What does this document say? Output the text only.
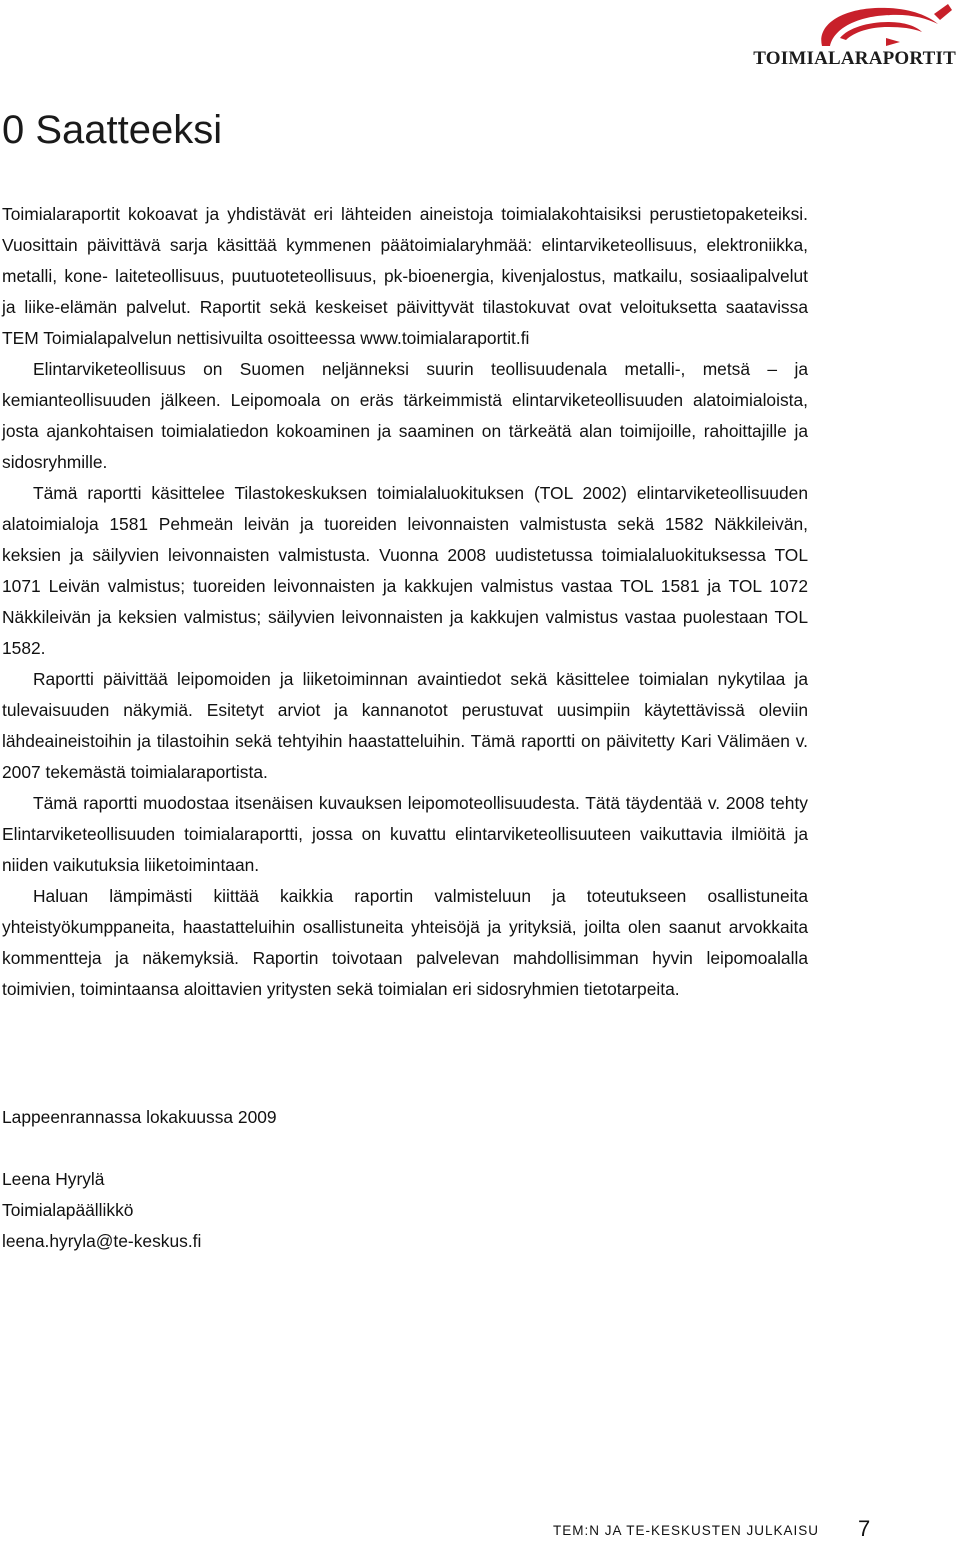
TOIMIALARAPORTIT
0 Saatteeksi

Toimialaraportit kokoavat ja yhdistävät eri lähteiden aineistoja toimialakohtaisiksi perustietopaketeiksi. Vuosittain päivittävä sarja käsittää kymmenen päätoimialaryhmää: elintarviketeollisuus, elektroniikka, metalli, kone- laiteteollisuus, puutuoteteollisuus, pk-bioenergia, kivenjalostus, matkailu, sosiaalipalvelut ja liike-elämän palvelut. Raportit sekä keskeiset päivittyvät tilastokuvat ovat veloituksetta saatavissa TEM Toimialapalvelun nettisivuilta osoitteessa www.toimialaraportit.fi

Elintarviketeollisuus on Suomen neljänneksi suurin teollisuudenala metalli-, metsä – ja kemianteollisuuden jälkeen. Leipomoala on eräs tärkeimmistä elintarviketeollisuuden alatoimialoista, josta ajankohtaisen toimialatiedon kokoaminen ja saaminen on tärkeätä alan toimijoille, rahoittajille ja sidosryhmille.

Tämä raportti käsittelee Tilastokeskuksen toimialaluokituksen (TOL 2002) elintarviketeollisuuden alatoimialoja 1581 Pehmeän leivän ja tuoreiden leivonnaisten valmistusta sekä 1582 Näkkileivän, keksien ja säilyvien leivonnaisten valmistusta. Vuonna 2008 uudistetussa toimialaluokituksessa TOL 1071 Leivän valmistus; tuoreiden leivonnaisten ja kakkujen valmistus vastaa TOL 1581 ja TOL 1072 Näkkileivän ja keksien valmistus; säilyvien leivonnaisten ja kakkujen valmistus vastaa puolestaan TOL 1582.

Raportti päivittää leipomoiden ja liiketoiminnan avaintiedot sekä käsittelee toimialan nykytilaa ja tulevaisuuden näkymiä. Esitetyt arviot ja kannanotot perustuvat uusimpiin käytettävissä oleviin lähdeaineistoihin ja tilastoihin sekä tehtyihin haastatteluihin. Tämä raportti on päivitetty Kari Välimäen v. 2007 tekemästä toimialaraportista.

Tämä raportti muodostaa itsenäisen kuvauksen leipomoteollisuudesta. Tätä täydentää v. 2008 tehty Elintarviketeollisuuden toimialaraportti, jossa on kuvattu elintarviketeollisuuteen vaikuttavia ilmiöitä ja niiden vaikutuksia liiketoimintaan.

Haluan lämpimästi kiittää kaikkia raportin valmisteluun ja toteutukseen osallistuneita yhteistyökumppaneita, haastatteluihin osallistuneita yhteisöjä ja yrityksiä, joilta olen saanut arvokkaita kommentteja ja näkemyksiä. Raportin toivotaan palvelevan mahdollisimman hyvin leipomoalalla toimivien, toimintaansa aloittavien yritysten sekä toimialan eri sidosryhmien tietotarpeita.

Lappeenrannassa lokakuussa 2009

Leena Hyrylä
Toimialapäällikkö
leena.hyryla@te-keskus.fi
TEM:N JA TE-KESKUSTEN JULKAISU 7
